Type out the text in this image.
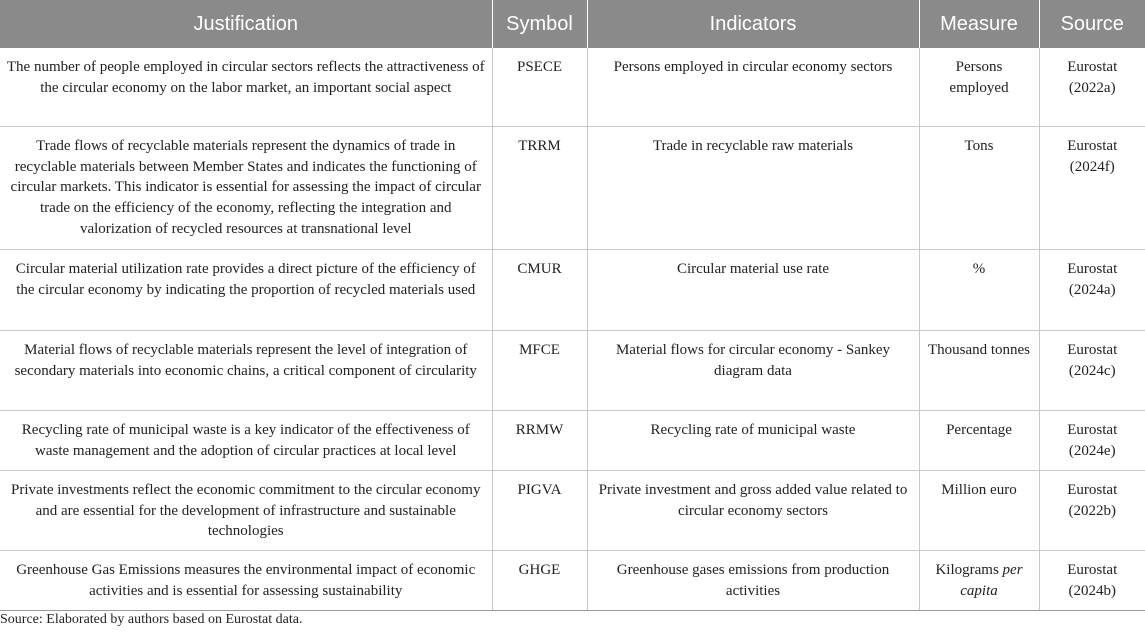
Justification	Symbol	Indicators	Measure	Source
The number of people employed in circular sectors reflects the attractiveness of the circular economy on the labor market, an important social aspect	PSECE	Persons employed in circular economy sectors	Persons employed	Eurostat (2022a)
Trade flows of recyclable materials represent the dynamics of trade in recyclable materials between Member States and indicates the functioning of circular markets. This indicator is essential for assessing the impact of circular trade on the efficiency of the economy, reflecting the integration and valorization of recycled resources at transnational level	TRRM	Trade in recyclable raw materials	Tons	Eurostat (2024f)
Circular material utilization rate provides a direct picture of the efficiency of the circular economy by indicating the proportion of recycled materials used	CMUR	Circular material use rate	%	Eurostat (2024a)
Material flows of recyclable materials represent the level of integration of secondary materials into economic chains, a critical component of circularity	MFCE	Material flows for circular economy - Sankey diagram data	Thousand tonnes	Eurostat (2024c)
Recycling rate of municipal waste is a key indicator of the effectiveness of waste management and the adoption of circular practices at local level	RRMW	Recycling rate of municipal waste	Percentage	Eurostat (2024e)
Private investments reflect the economic commitment to the circular economy and are essential for the development of infrastructure and sustainable technologies	PIGVA	Private investment and gross added value related to circular economy sectors	Million euro	Eurostat (2022b)
Greenhouse Gas Emissions measures the environmental impact of economic activities and is essential for assessing sustainability	GHGE	Greenhouse gases emissions from production activities	Kilograms per capita	Eurostat (2024b)
Source: Elaborated by authors based on Eurostat data.
